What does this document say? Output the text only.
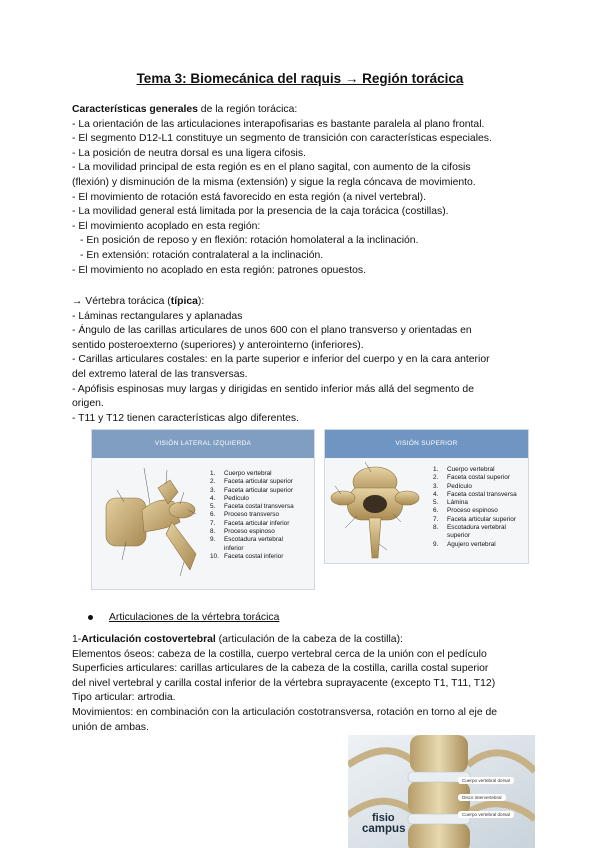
Tema 3: Biomecánica del raquis → Región torácica
Características generales de la región torácica:
- La orientación de las articulaciones interapofisarias es bastante paralela al plano frontal.
- El segmento D12-L1 constituye un segmento de transición con características especiales.
- La posición de neutra dorsal es una ligera cifosis.
- La movilidad principal de esta región es en el plano sagital, con aumento de la cifosis
(flexión) y disminución de la misma (extensión) y sigue la regla cóncava de movimiento.
- El movimiento de rotación está favorecido en esta región (a nivel vertebral).
- La movilidad general está limitada por la presencia de la caja torácica (costillas).
- El movimiento acoplado en esta región:
- En posición de reposo y en flexión: rotación homolateral a la inclinación.
- En extensión: rotación contralateral a la inclinación.
- El movimiento no acoplado en esta región: patrones opuestos.
→ Vértebra torácica (típica):
- Láminas rectangulares y aplanadas
- Ángulo de las carillas articulares de unos 600 con el plano transverso y orientadas en
sentido posteroexterno (superiores) y anterointerno (inferiores).
- Carillas articulares costales: en la parte superior e inferior del cuerpo y en la cara anterior
del extremo lateral de las transversas.
- Apófisis espinosas muy largas y dirigidas en sentido inferior más allá del segmento de
origen.
- T11 y T12 tienen características algo diferentes.
VISIÓN LATERAL IZQUIERDA
1.	Cuerpo vertebral
2.	Faceta articular superior
3.	Faceta articular superior
4.	Pedículo
5.	Faceta costal transversa
6.	Proceso transverso
7.	Faceta articular inferior
8.	Proceso espinoso
9.	Escotadura vertebral
inferior
10. Faceta costal inferior
VISIÓN SUPERIOR
1.	Cuerpo vertebral
2.	Faceta costal superior
3.	Pedículo
4.	Faceta costal transversa
5.	Lámina
6.	Proceso espinoso
7.	Faceta articular superior
8.	Escotadura vertebral
superior
9.	Agujero vertebral
Articulaciones de la vértebra torácica
1-Articulación costovertebral (articulación de la cabeza de la costilla):
Elementos óseos: cabeza de la costilla, cuerpo vertebral cerca de la unión con el pedículo
Superficies articulares: carillas articulares de la cabeza de la costilla, carilla costal superior
del nivel vertebral y carilla costal inferior de la vértebra suprayacente (excepto T1, T11, T12)
Tipo articular: artrodia.
Movimientos: en combinación con la articulación costotransversa, rotación en torno al eje de
unión de ambas.
Cuerpo vertebral dorsal
Disco intervertebral
Cuerpo vertebral dorsal
fisio
campus
